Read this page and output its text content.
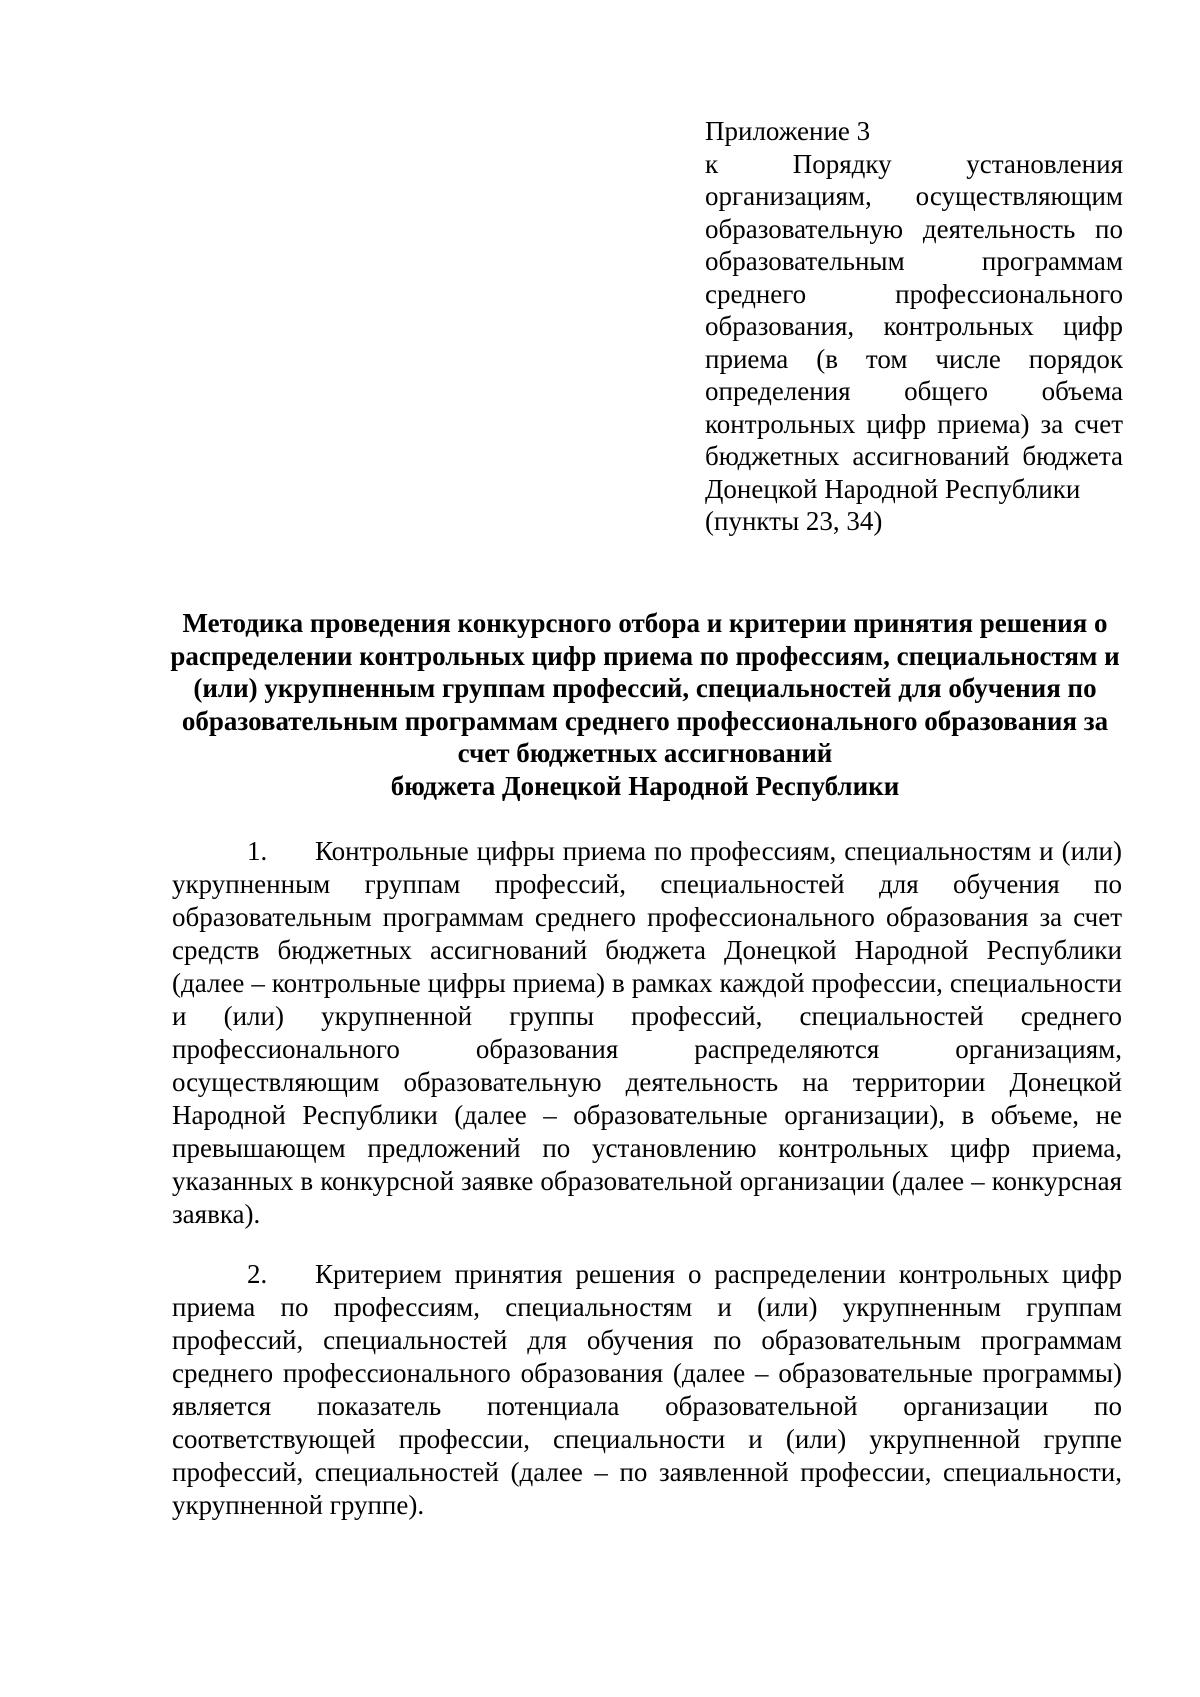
Приложение 3
к Порядку установления организациям, осуществляющим образовательную деятельность по образовательным программам среднего профессионального образования, контрольных цифр приема (в том числе порядок определения общего объема контрольных цифр приема) за счет бюджетных ассигнований бюджета Донецкой Народной Республики
(пункты 23, 34)
Методика проведения конкурсного отбора и критерии принятия решения о
распределении контрольных цифр приема по профессиям, специальностям и
(или) укрупненным группам профессий, специальностей для обучения по
образовательным программам среднего профессионального образования за
счет бюджетных ассигнований
бюджета Донецкой Народной Республики
1. Контрольные цифры приема по профессиям, специальностям и (или) укрупненным группам профессий, специальностей для обучения по образовательным программам среднего профессионального образования за счет средств бюджетных ассигнований бюджета Донецкой Народной Республики (далее – контрольные цифры приема) в рамках каждой профессии, специальности и (или) укрупненной группы профессий, специальностей среднего профессионального образования распределяются организациям, осуществляющим образовательную деятельность на территории Донецкой Народной Республики (далее – образовательные организации), в объеме, не превышающем предложений по установлению контрольных цифр приема, указанных в конкурсной заявке образовательной организации (далее – конкурсная заявка).
2. Критерием принятия решения о распределении контрольных цифр приема по профессиям, специальностям и (или) укрупненным группам профессий, специальностей для обучения по образовательным программам среднего профессионального образования (далее – образовательные программы) является показатель потенциала образовательной организации по соответствующей профессии, специальности и (или) укрупненной группе профессий, специальностей (далее – по заявленной профессии, специальности, укрупненной группе).
